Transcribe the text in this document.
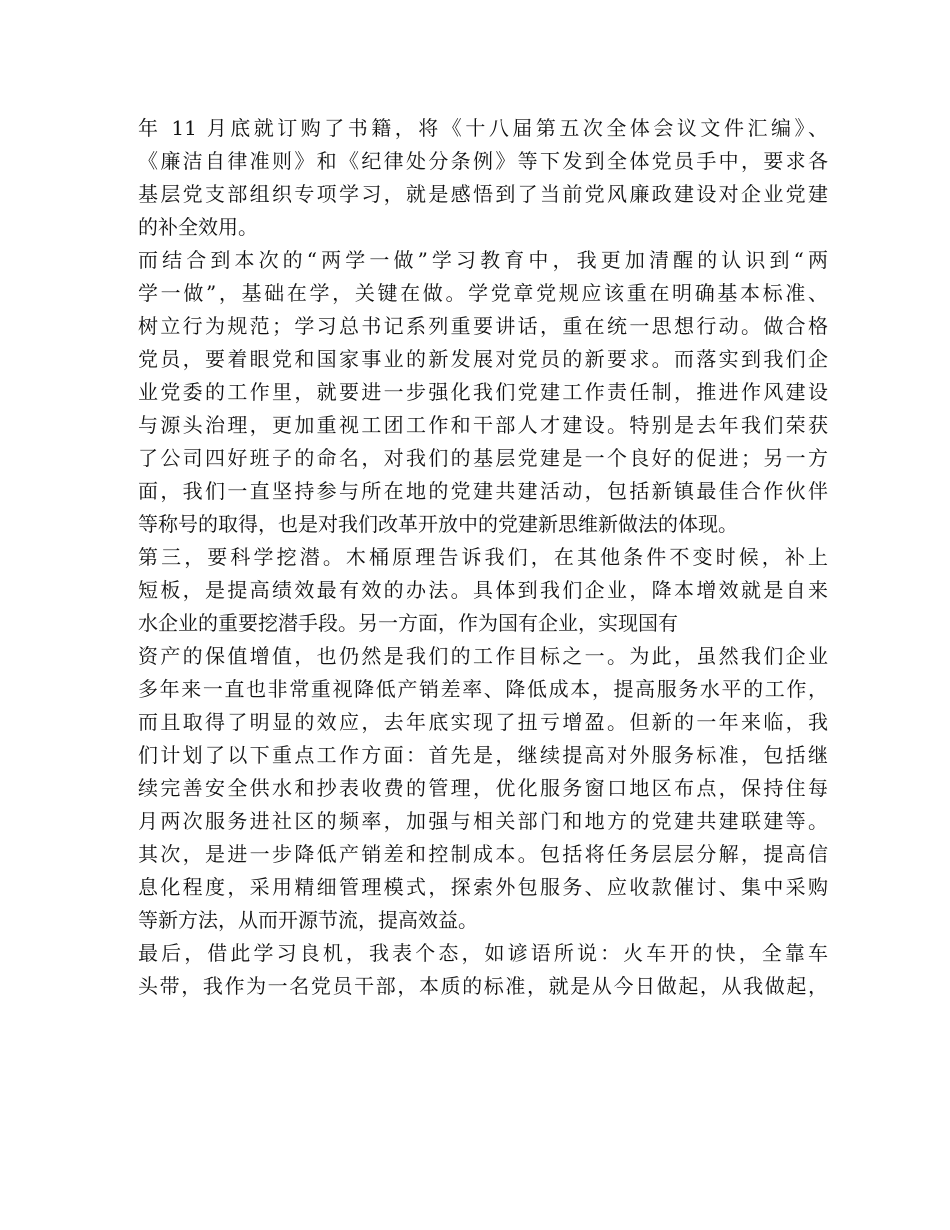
年 11 月底就订购了书籍，将《十八届第五次全体会议文件汇编》、
《廉洁自律准则》和《纪律处分条例》等下发到全体党员手中，要求各
基层党支部组织专项学习，就是感悟到了当前党风廉政建设对企业党建
的补全效用。
而结合到本次的“两学一做”学习教育中，我更加清醒的认识到“两
学一做”，基础在学，关键在做。学党章党规应该重在明确基本标准、
树立行为规范；学习总书记系列重要讲话，重在统一思想行动。做合格
党员，要着眼党和国家事业的新发展对党员的新要求。而落实到我们企
业党委的工作里，就要进一步强化我们党建工作责任制，推进作风建设
与源头治理，更加重视工团工作和干部人才建设。特别是去年我们荣获
了公司四好班子的命名，对我们的基层党建是一个良好的促进；另一方
面，我们一直坚持参与所在地的党建共建活动，包括新镇最佳合作伙伴
等称号的取得，也是对我们改革开放中的党建新思维新做法的体现。
第三，要科学挖潜。木桶原理告诉我们，在其他条件不变时候，补上
短板，是提高绩效最有效的办法。具体到我们企业，降本增效就是自来
水企业的重要挖潜手段。另一方面，作为国有企业，实现国有
资产的保值增值，也仍然是我们的工作目标之一。为此，虽然我们企业
多年来一直也非常重视降低产销差率、降低成本，提高服务水平的工作，
而且取得了明显的效应，去年底实现了扭亏增盈。但新的一年来临，我
们计划了以下重点工作方面：首先是，继续提高对外服务标准，包括继
续完善安全供水和抄表收费的管理，优化服务窗口地区布点，保持住每
月两次服务进社区的频率，加强与相关部门和地方的党建共建联建等。
其次，是进一步降低产销差和控制成本。包括将任务层层分解，提高信
息化程度，采用精细管理模式，探索外包服务、应收款催讨、集中采购
等新方法，从而开源节流，提高效益。
最后，借此学习良机，我表个态，如谚语所说：火车开的快，全靠车
头带，我作为一名党员干部，本质的标准，就是从今日做起，从我做起，
